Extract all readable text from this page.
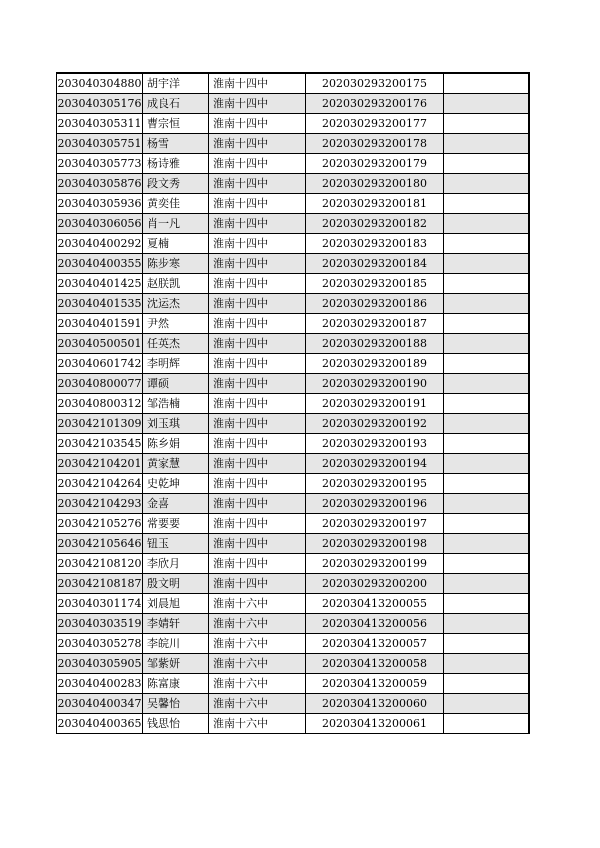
203040304880	胡宇洋	淮南十四中	202030293200175	
203040305176	成良石	淮南十四中	202030293200176	
203040305311	曹宗恒	淮南十四中	202030293200177	
203040305751	杨雪	淮南十四中	202030293200178	
203040305773	杨诗雅	淮南十四中	202030293200179	
203040305876	段文秀	淮南十四中	202030293200180	
203040305936	黄奕佳	淮南十四中	202030293200181	
203040306056	肖一凡	淮南十四中	202030293200182	
203040400292	夏楠	淮南十四中	202030293200183	
203040400355	陈步寒	淮南十四中	202030293200184	
203040401425	赵朕凯	淮南十四中	202030293200185	
203040401535	沈运杰	淮南十四中	202030293200186	
203040401591	尹然	淮南十四中	202030293200187	
203040500501	任英杰	淮南十四中	202030293200188	
203040601742	李明辉	淮南十四中	202030293200189	
203040800077	谭硕	淮南十四中	202030293200190	
203040800312	邹浩楠	淮南十四中	202030293200191	
203042101309	刘玉琪	淮南十四中	202030293200192	
203042103545	陈乡娟	淮南十四中	202030293200193	
203042104201	黄家慧	淮南十四中	202030293200194	
203042104264	史乾坤	淮南十四中	202030293200195	
203042104293	金喜	淮南十四中	202030293200196	
203042105276	常要要	淮南十四中	202030293200197	
203042105646	钮玉	淮南十四中	202030293200198	
203042108120	李欣月	淮南十四中	202030293200199	
203042108187	殷文明	淮南十四中	202030293200200	
203040301174	刘晨旭	淮南十六中	202030413200055	
203040303519	李婧轩	淮南十六中	202030413200056	
203040305278	李皖川	淮南十六中	202030413200057	
203040305905	邹紫妍	淮南十六中	202030413200058	
203040400283	陈富康	淮南十六中	202030413200059	
203040400347	吴馨怡	淮南十六中	202030413200060	
203040400365	钱思怡	淮南十六中	202030413200061	
